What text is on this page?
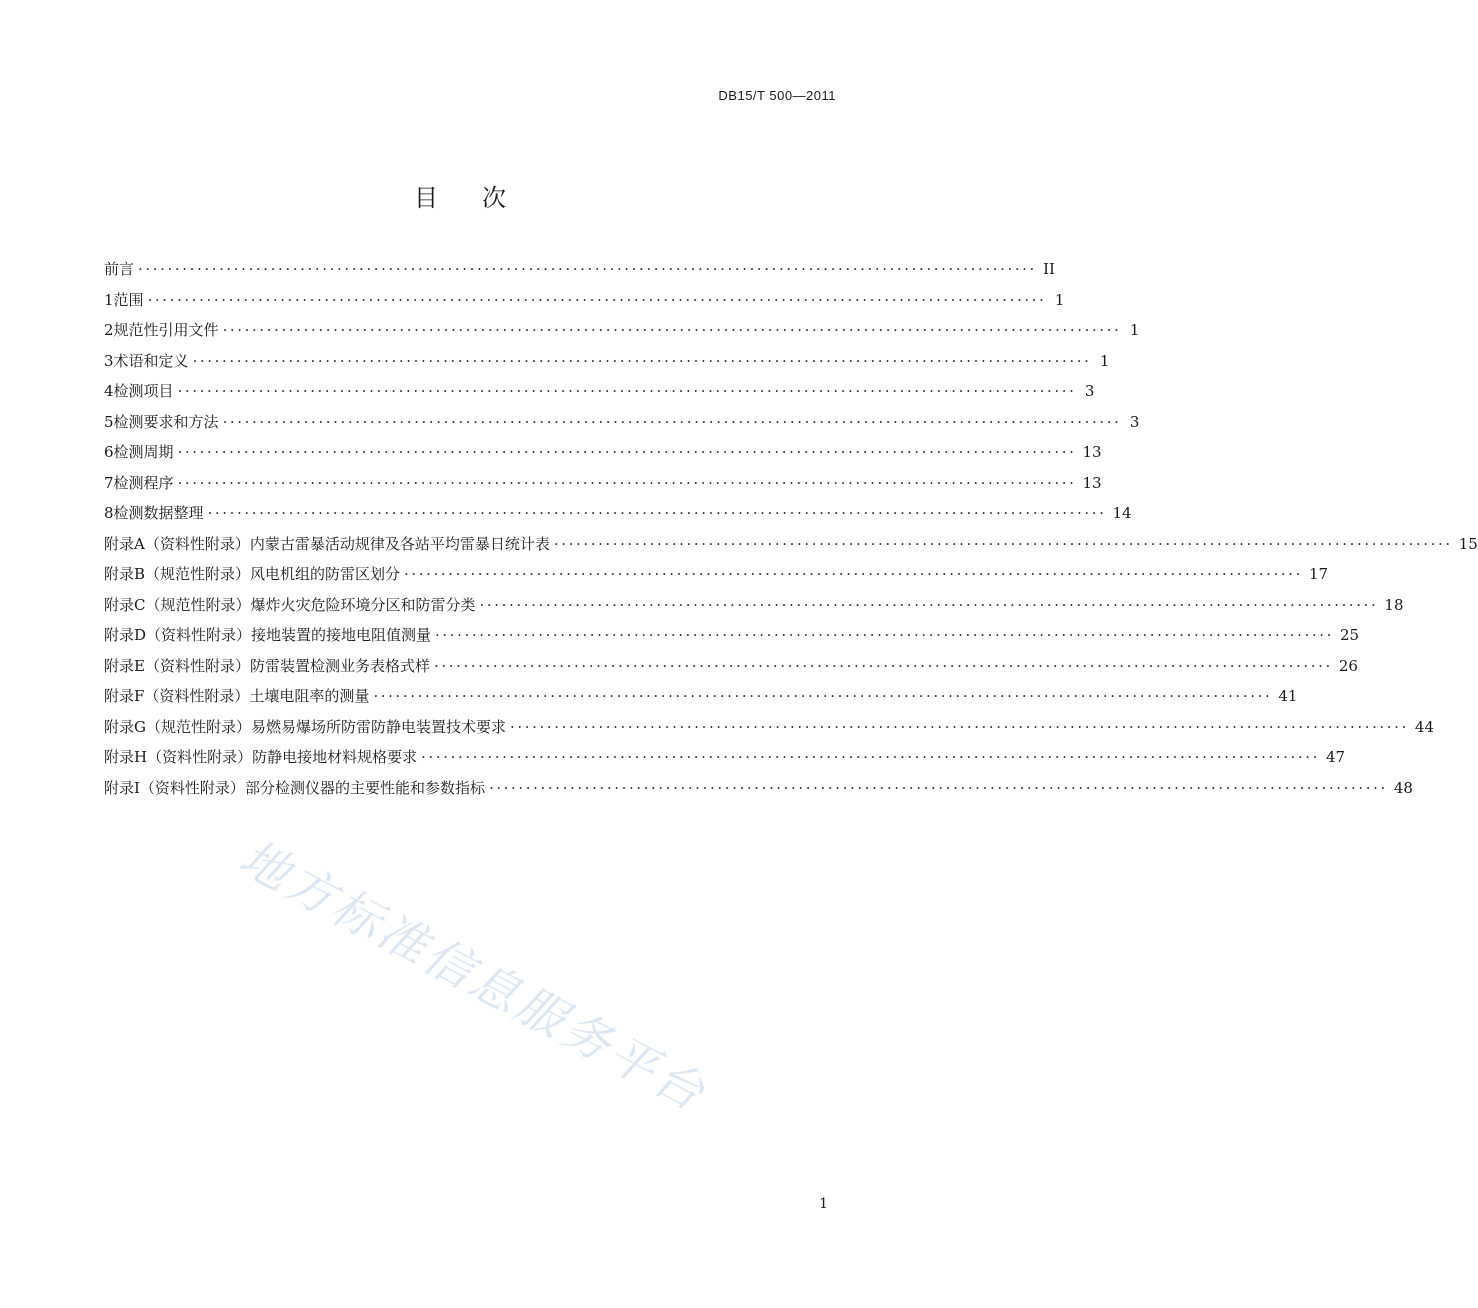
DB15/T 500—2011
目 次
前言 ·························································································································· II
1 范围 ·························································································································· 1
2 规范性引用文件 ·························································································································· 1
3 术语和定义 ·························································································································· 1
4 检测项目 ·························································································································· 3
5 检测要求和方法 ·························································································································· 3
6 检测周期 ·························································································································· 13
7 检测程序 ·························································································································· 13
8 检测数据整理 ·························································································································· 14
附录A（资料性附录） 内蒙古雷暴活动规律及各站平均雷暴日统计表 ·························································································································· 15
附录B（规范性附录） 风电机组的防雷区划分 ·························································································································· 17
附录C（规范性附录） 爆炸火灾危险环境分区和防雷分类 ·························································································································· 18
附录D（资料性附录） 接地装置的接地电阻值测量 ·························································································································· 25
附录E（资料性附录） 防雷装置检测业务表格式样 ·························································································································· 26
附录F（资料性附录） 土壤电阻率的测量 ·························································································································· 41
附录G（规范性附录） 易燃易爆场所防雷防静电装置技术要求 ·························································································································· 44
附录H（资料性附录） 防静电接地材料规格要求 ·························································································································· 47
附录I（资料性附录） 部分检测仪器的主要性能和参数指标 ·························································································································· 48
地方标准信息服务平台
1
